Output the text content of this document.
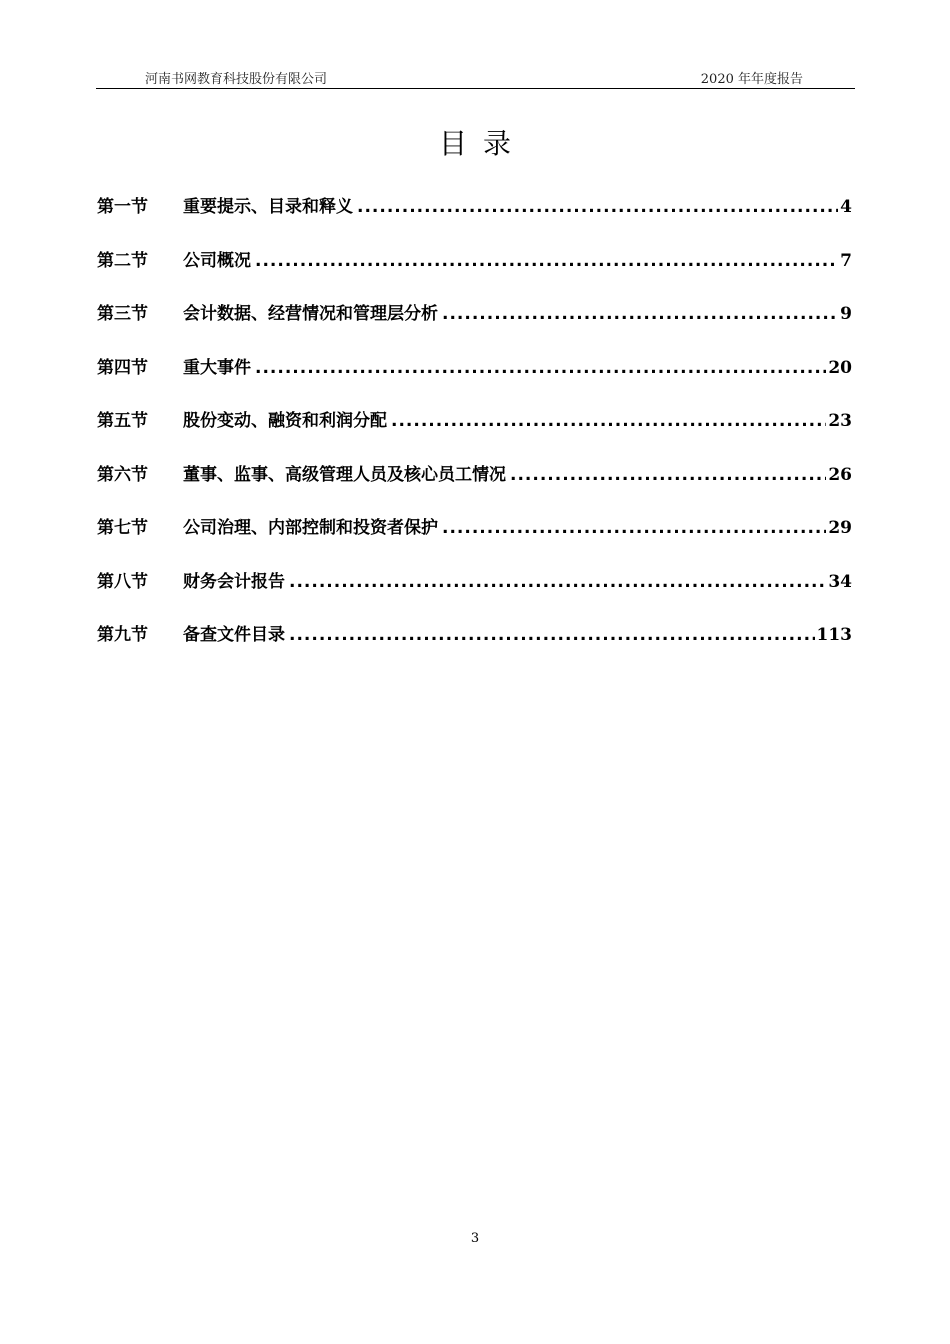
河南书网教育科技股份有限公司	2020 年年度报告
目录
第一节	重要提示、目录和释义 .....	4
第二节	公司概况 .....	7
第三节	会计数据、经营情况和管理层分析 .....	9
第四节	重大事件 .....	20
第五节	股份变动、融资和利润分配 .....	23
第六节	董事、监事、高级管理人员及核心员工情况 .....	26
第七节	公司治理、内部控制和投资者保护 .....	29
第八节	财务会计报告 .....	34
第九节	备查文件目录 .....	113
3
